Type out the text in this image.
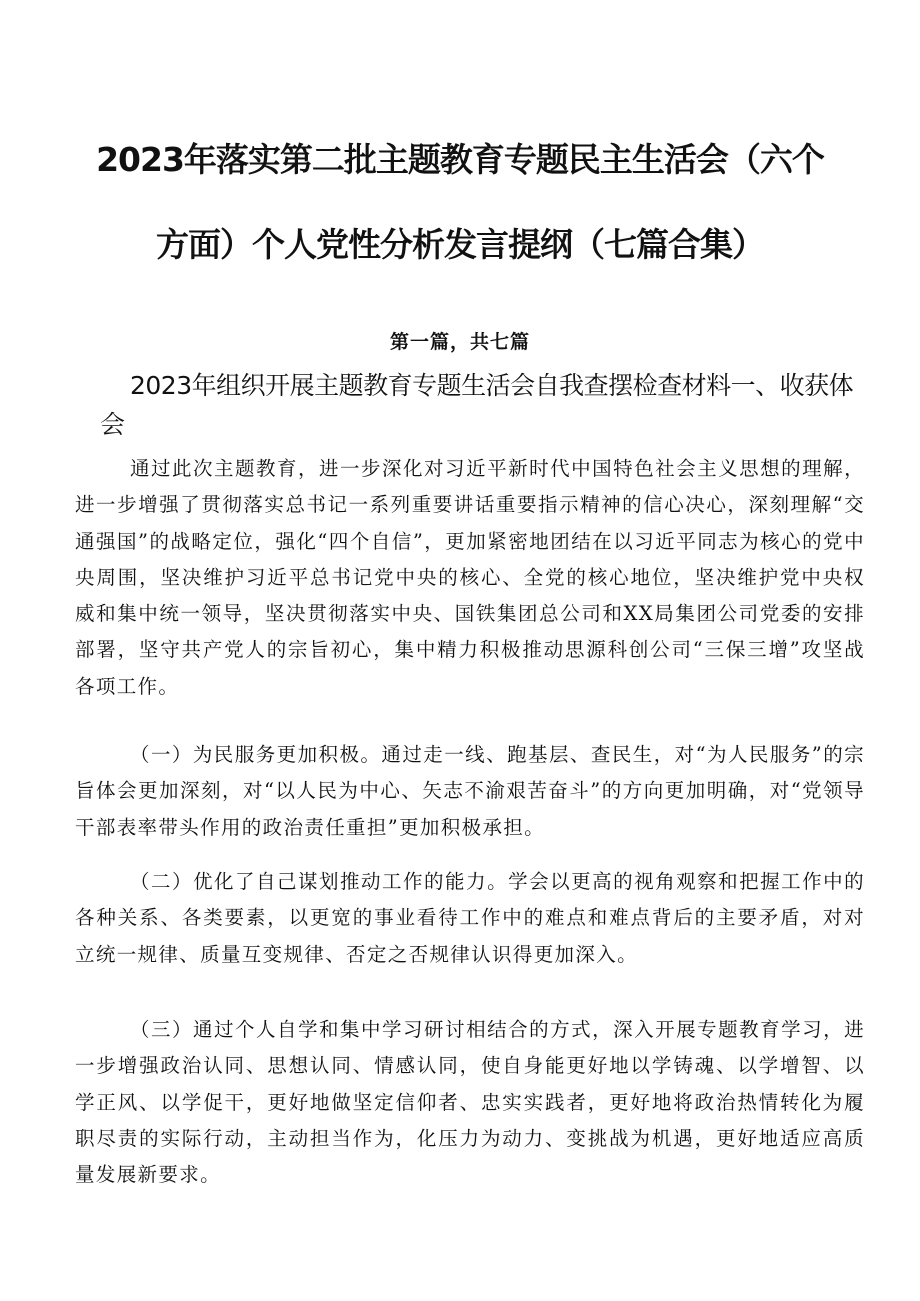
2023年落实第二批主题教育专题民主生活会（六个
方面）个人党性分析发言提纲（七篇合集）
第一篇，共七篇
2023年组织开展主题教育专题生活会自我查摆检查材料一、收获体会

通过此次主题教育，进一步深化对习近平新时代中国特色社会主义思想的理解，进一步增强了贯彻落实总书记一系列重要讲话重要指示精神的信心决心，深刻理解“交通强国”的战略定位，强化“四个自信”，更加紧密地团结在以习近平同志为核心的党中央周围，坚决维护习近平总书记党中央的核心、全党的核心地位，坚决维护党中央权威和集中统一领导，坚决贯彻落实中央、国铁集团总公司和XX局集团公司党委的安排部署，坚守共产党人的宗旨初心，集中精力积极推动思源科创公司“三保三增”攻坚战各项工作。

（一）为民服务更加积极。通过走一线、跑基层、查民生，对“为人民服务”的宗旨体会更加深刻，对“以人民为中心、矢志不渝艰苦奋斗”的方向更加明确，对“党领导干部表率带头作用的政治责任重担”更加积极承担。

（二）优化了自己谋划推动工作的能力。学会以更高的视角观察和把握工作中的各种关系、各类要素，以更宽的事业看待工作中的难点和难点背后的主要矛盾，对对立统一规律、质量互变规律、否定之否规律认识得更加深入。

（三）通过个人自学和集中学习研讨相结合的方式，深入开展专题教育学习，进一步增强政治认同、思想认同、情感认同，使自身能更好地以学铸魂、以学增智、以学正风、以学促干，更好地做坚定信仰者、忠实实践者，更好地将政治热情转化为履职尽责的实际行动，主动担当作为，化压力为动力、变挑战为机遇，更好地适应高质量发展新要求。
